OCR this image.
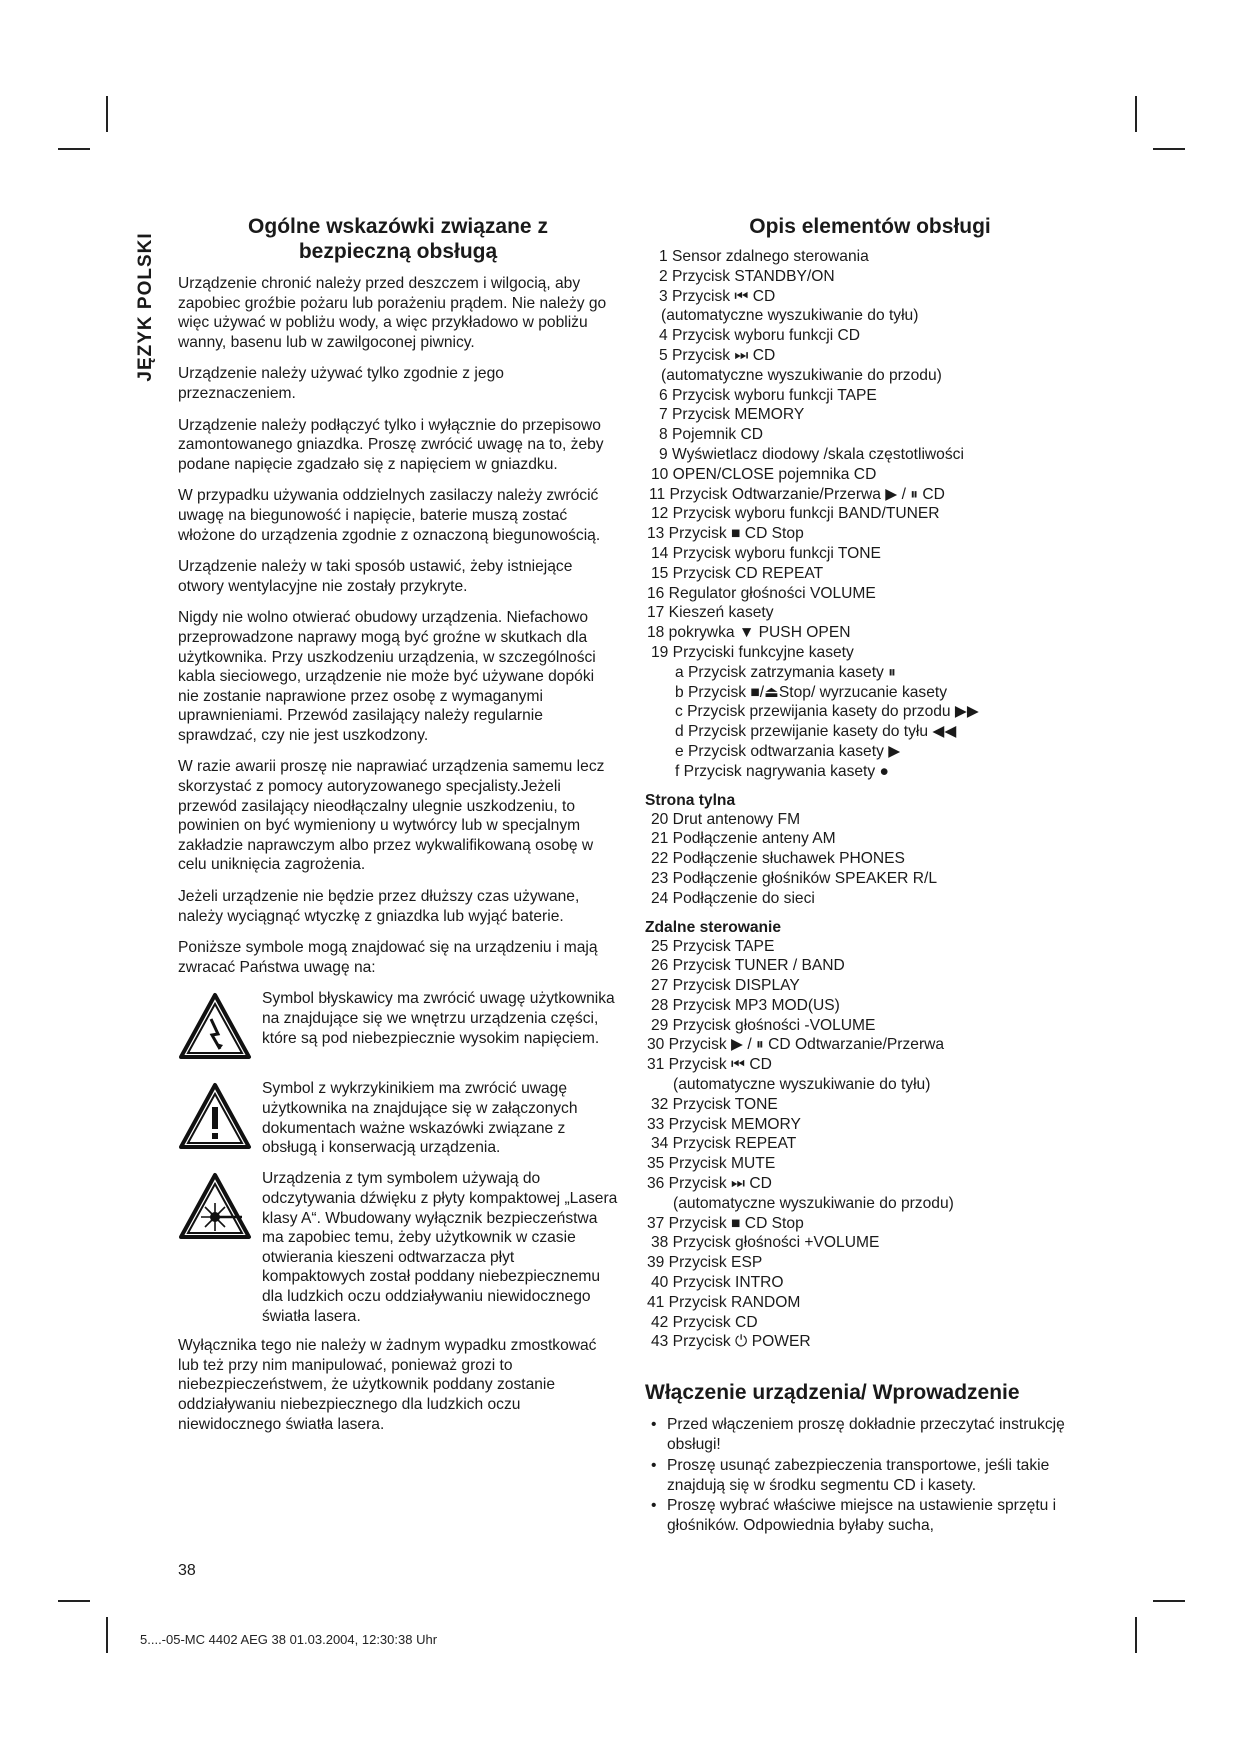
JĘZYK POLSKI
Ogólne wskazówki związane z bezpieczną obsługą

Urządzenie chronić należy przed deszczem i wilgocią, aby zapobiec groźbie pożaru lub porażeniu prądem. Nie należy go więc używać w pobliżu wody, a więc przykładowo w pobliżu wanny, basenu lub w zawilgoconej piwnicy.

Urządzenie należy używać tylko zgodnie z jego przeznaczeniem.

Urządzenie należy podłączyć tylko i wyłącznie do przepisowo zamontowanego gniazdka. Proszę zwrócić uwagę na to, żeby podane napięcie zgadzało się z napięciem w gniazdku.

W przypadku używania oddzielnych zasilaczy należy zwrócić uwagę na biegunowość i napięcie, baterie muszą zostać włożone do urządzenia zgodnie z oznaczoną biegunowością.

Urządzenie należy w taki sposób ustawić, żeby istniejące otwory wentylacyjne nie zostały przykryte.

Nigdy nie wolno otwierać obudowy urządzenia. Niefachowo przeprowadzone naprawy mogą być groźne w skutkach dla użytkownika. Przy uszkodzeniu urządzenia, w szczególności kabla sieciowego, urządzenie nie może być używane dopóki nie zostanie naprawione przez osobę z wymaganymi uprawnieniami. Przewód zasilający należy regularnie sprawdzać, czy nie jest uszkodzony.

W razie awarii proszę nie naprawiać urządzenia samemu lecz skorzystać z pomocy autoryzowanego specjalisty.Jeżeli przewód zasilający nieodłączalny ulegnie uszkodzeniu, to powinien on być wymieniony u wytwórcy lub w specjalnym zakładzie naprawczym albo przez wykwalifikowaną osobę w celu uniknięcia zagrożenia.

Jeżeli urządzenie nie będzie przez dłuższy czas używane, należy wyciągnąć wtyczkę z gniazdka lub wyjąć baterie.

Poniższe symbole mogą znajdować się na urządzeniu i mają zwracać Państwa uwagę na:

Symbol błyskawicy ma zwrócić uwagę użytkownika na znajdujące się we wnętrzu urządzenia części, które są pod niebezpiecznie wysokim napięciem.
Symbol z wykrzykinikiem ma zwrócić uwagę użytkownika na znajdujące się w załączonych dokumentach ważne wskazówki związane z obsługą i konserwacją urządzenia.
Urządzenia z tym symbolem używają do odczytywania dźwięku z płyty kompaktowej „Lasera klasy A“. Wbudowany wyłącznik bezpieczeństwa ma zapobiec temu, żeby użytkownik w czasie otwierania kieszeni odtwarzacza płyt kompaktowych został poddany niebezpiecznemu dla ludzkich oczu oddziaływaniu niewidocznego światła lasera.

Wyłącznika tego nie należy w żadnym wypadku zmostkować lub też przy nim manipulować, ponieważ grozi to niebezpieczeństwem, że użytkownik poddany zostanie oddziaływaniu niebezpiecznego dla ludzkich oczu niewidocznego światła lasera.

Opis elementów obsługi
1 Sensor zdalnego sterowania
2 Przycisk STANDBY/ON
3 Przycisk ⏮ CD
(automatyczne wyszukiwanie do tyłu)
4 Przycisk wyboru funkcji CD
5 Przycisk ⏭ CD
(automatyczne wyszukiwanie do przodu)
6 Przycisk wyboru funkcji TAPE
7 Przycisk MEMORY
8 Pojemnik CD
9 Wyświetlacz diodowy /skala częstotliwości
10 OPEN/CLOSE pojemnika CD
11 Przycisk Odtwarzanie/Przerwa ▶ / ⏸ CD
12 Przycisk wyboru funkcji BAND/TUNER
13 Przycisk ■ CD Stop
14 Przycisk wyboru funkcji TONE
15 Przycisk CD REPEAT
16 Regulator głośności VOLUME
17 Kieszeń kasety
18 pokrywka ▼ PUSH OPEN
19 Przyciski funkcyjne kasety
a Przycisk zatrzymania kasety ⏸
b Przycisk ■/⏏Stop/ wyrzucanie kasety
c Przycisk przewijania kasety do przodu ▶▶
d Przycisk przewijanie kasety do tyłu ◀◀
e Przycisk odtwarzania kasety ▶
f Przycisk nagrywania kasety ●
Strona tylna
20 Drut antenowy FM
21 Podłączenie anteny AM
22 Podłączenie słuchawek PHONES
23 Podłączenie głośników SPEAKER R/L
24 Podłączenie do sieci
Zdalne sterowanie
25 Przycisk TAPE
26 Przycisk TUNER / BAND
27 Przycisk DISPLAY
28 Przycisk MP3 MOD(US)
29 Przycisk głośności -VOLUME
30 Przycisk ▶ / ⏸ CD Odtwarzanie/Przerwa
31 Przycisk ⏮ CD
(automatyczne wyszukiwanie do tyłu)
32 Przycisk TONE
33 Przycisk MEMORY
34 Przycisk REPEAT
35 Przycisk MUTE
36 Przycisk ⏭ CD
(automatyczne wyszukiwanie do przodu)
37 Przycisk ■ CD Stop
38 Przycisk głośności +VOLUME
39 Przycisk ESP
40 Przycisk INTRO
41 Przycisk RANDOM
42 Przycisk CD
43 Przycisk ⏻ POWER
Włączenie urządzenia/ Wprowadzenie
• Przed włączeniem proszę dokładnie przeczytać instrukcję obsługi!
• Proszę usunąć zabezpieczenia transportowe, jeśli takie znajdują się w środku segmentu CD i kasety.
• Proszę wybrać właściwe miejsce na ustawienie sprzętu i głośników. Odpowiednia byłaby sucha,
38
5....-05-MC 4402 AEG 38 01.03.2004, 12:30:38 Uhr
